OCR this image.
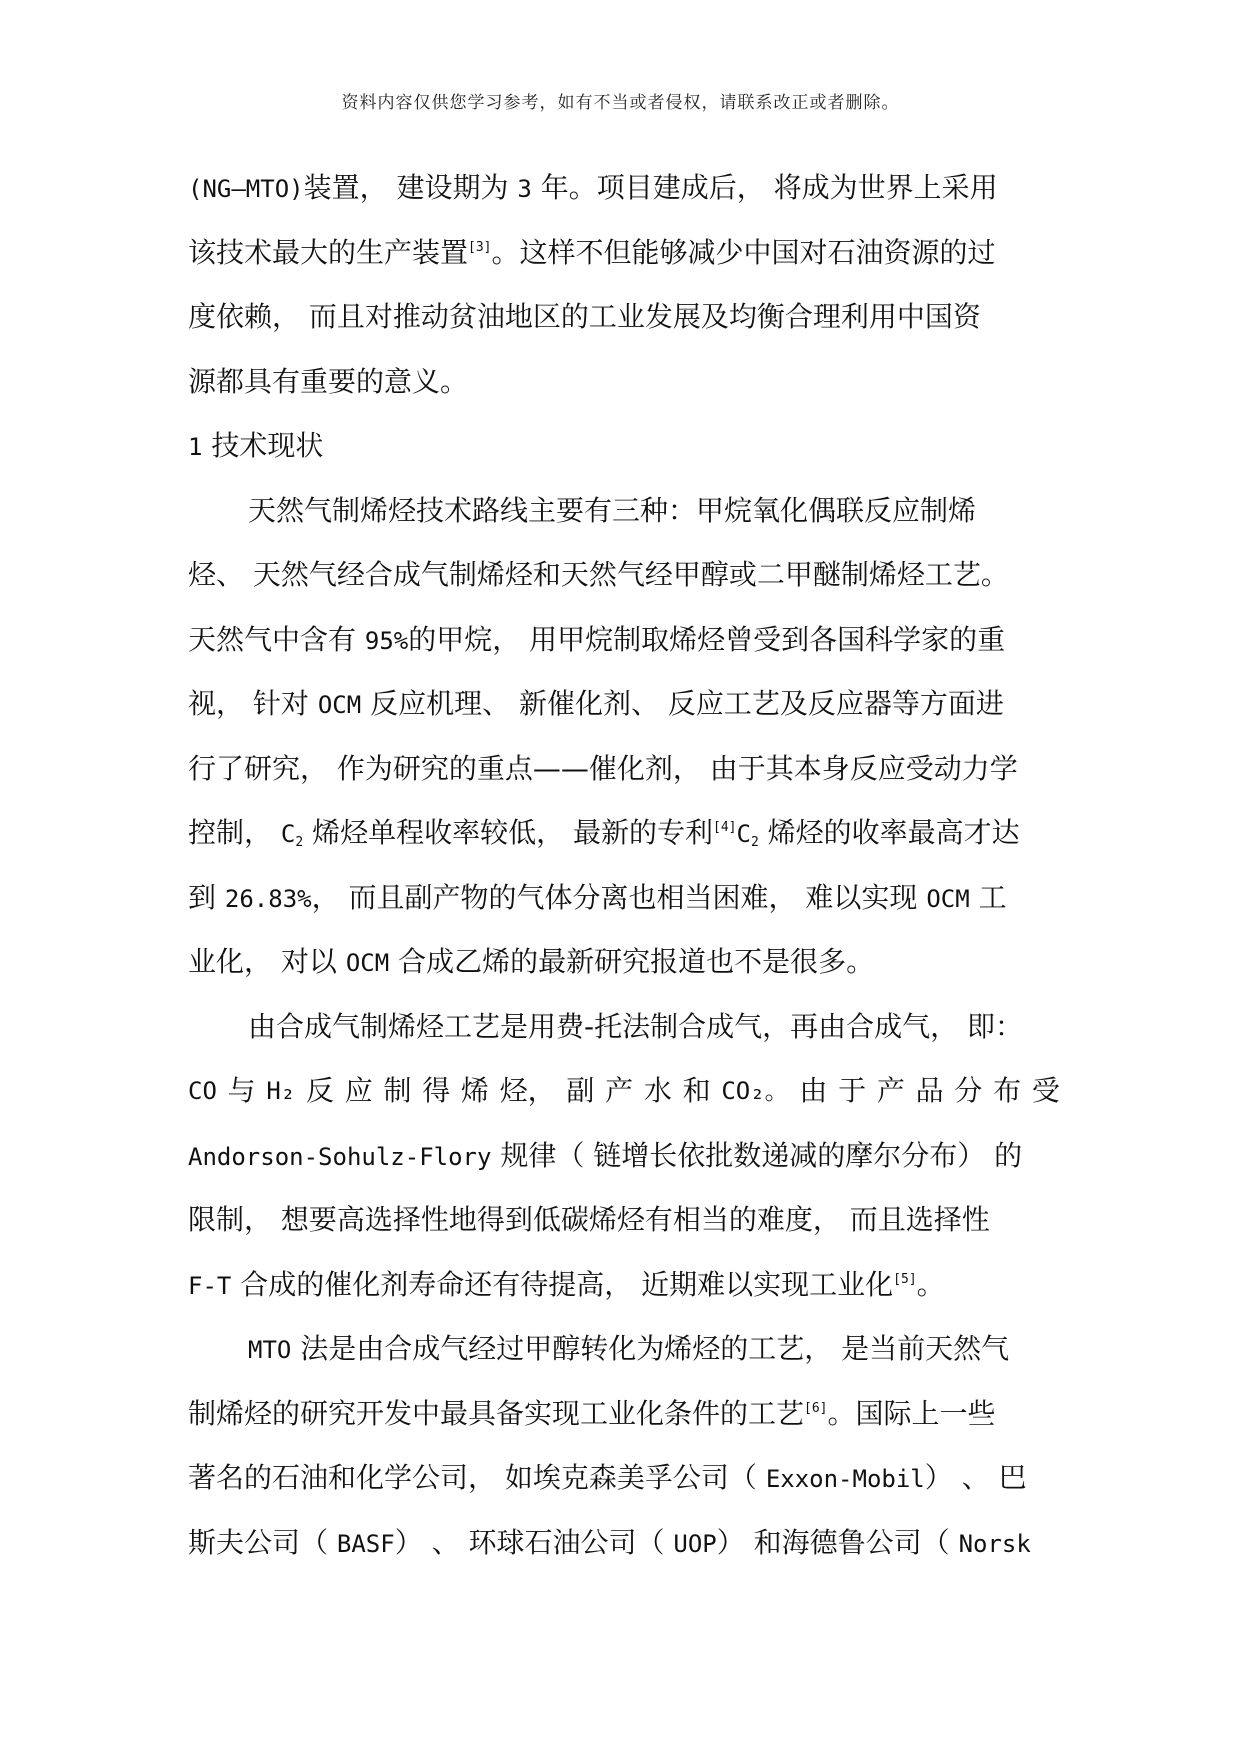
资料内容仅供您学习参考，如有不当或者侵权，请联系改正或者删除。
(NG—MTO)装置， 建设期为 3 年。项目建成后， 将成为世界上采用
该技术最大的生产装置[3]。这样不但能够减少中国对石油资源的过
度依赖， 而且对推动贫油地区的工业发展及均衡合理利用中国资
源都具有重要的意义。
1 技术现状
天然气制烯烃技术路线主要有三种：甲烷氧化偶联反应制烯
烃、 天然气经合成气制烯烃和天然气经甲醇或二甲醚制烯烃工艺。
天然气中含有 95%的甲烷， 用甲烷制取烯烃曾受到各国科学家的重
视， 针对 OCM 反应机理、 新催化剂、 反应工艺及反应器等方面进
行了研究， 作为研究的重点——催化剂， 由于其本身反应受动力学
控制， $C_2$ 烯烃单程收率较低， 最新的专利$[4]C_2$ 烯烃的收率最高才达
到 26.83%， 而且副产物的气体分离也相当困难， 难以实现 OCM 工
业化， 对以 OCM 合成乙烯的最新研究报道也不是很多。
由合成气制烯烃工艺是用费-托法制合成气，再由合成气， 即：
CO 与 H₂ 反 应 制 得 烯 烃， 副 产 水 和 CO₂。 由 于 产 品 分 布 受
Andorson-Sohulz-Flory 规律（ 链增长依批数递减的摩尔分布） 的
限制， 想要高选择性地得到低碳烯烃有相当的难度， 而且选择性
F-T 合成的催化剂寿命还有待提高， 近期难以实现工业化[5]。
MTO 法是由合成气经过甲醇转化为烯烃的工艺， 是当前天然气
制烯烃的研究开发中最具备实现工业化条件的工艺[6]。国际上一些
著名的石油和化学公司， 如埃克森美孚公司（ Exxon-Mobil） 、 巴
斯夫公司（ BASF） 、 环球石油公司（ UOP） 和海德鲁公司（ Norsk
